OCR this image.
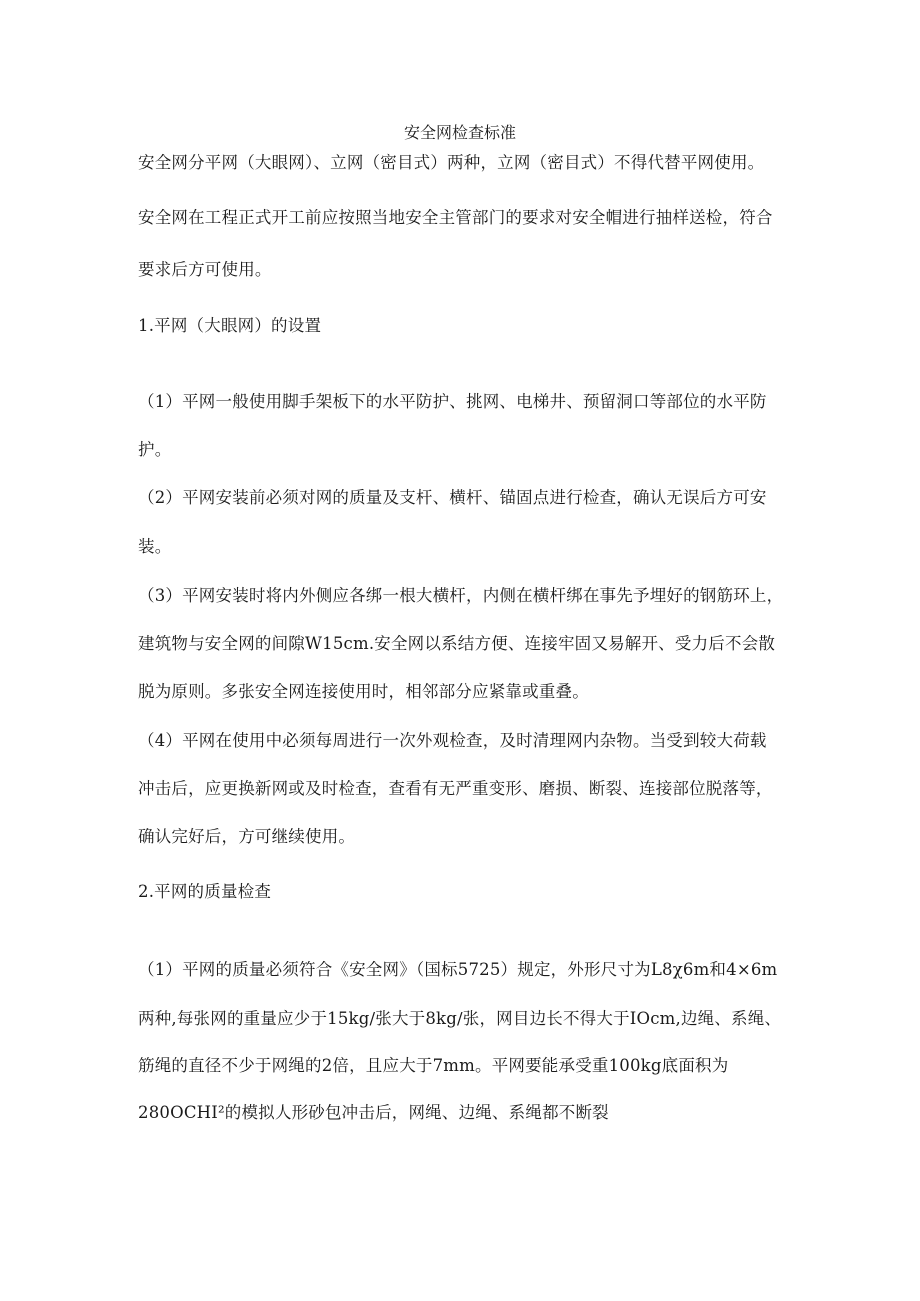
安全网检查标准
安全网分平网（大眼网）、立网（密目式）两种，立网（密目式）不得代替平网使用。
安全网在工程正式开工前应按照当地安全主管部门的要求对安全帽进行抽样送检，符合
要求后方可使用。
1.平网（大眼网）的设置
（1）平网一般使用脚手架板下的水平防护、挑网、电梯井、预留洞口等部位的水平防
护。
（2）平网安装前必须对网的质量及支杆、横杆、锚固点进行检查，确认无误后方可安
装。
（3）平网安装时将内外侧应各绑一根大横杆，内侧在横杆绑在事先予埋好的钢筋环上，
建筑物与安全网的间隙W15cm.安全网以系结方便、连接牢固又易解开、受力后不会散
脱为原则。多张安全网连接使用时，相邻部分应紧靠或重叠。
（4）平网在使用中必须每周进行一次外观检查，及时清理网内杂物。当受到较大荷载
冲击后，应更换新网或及时检查，查看有无严重变形、磨损、断裂、连接部位脱落等，
确认完好后，方可继续使用。
2.平网的质量检查
（1）平网的质量必须符合《安全网》（国标5725）规定，外形尺寸为L8χ6m和4×6m
两种,每张网的重量应少于15kg∕张大于8kg∕张，网目边长不得大于IOcm,边绳、系绳、
筋绳的直径不少于网绳的2倍，且应大于7mm。平网要能承受重100kg底面积为
280OCHI²的模拟人形砂包冲击后，网绳、边绳、系绳都不断裂
